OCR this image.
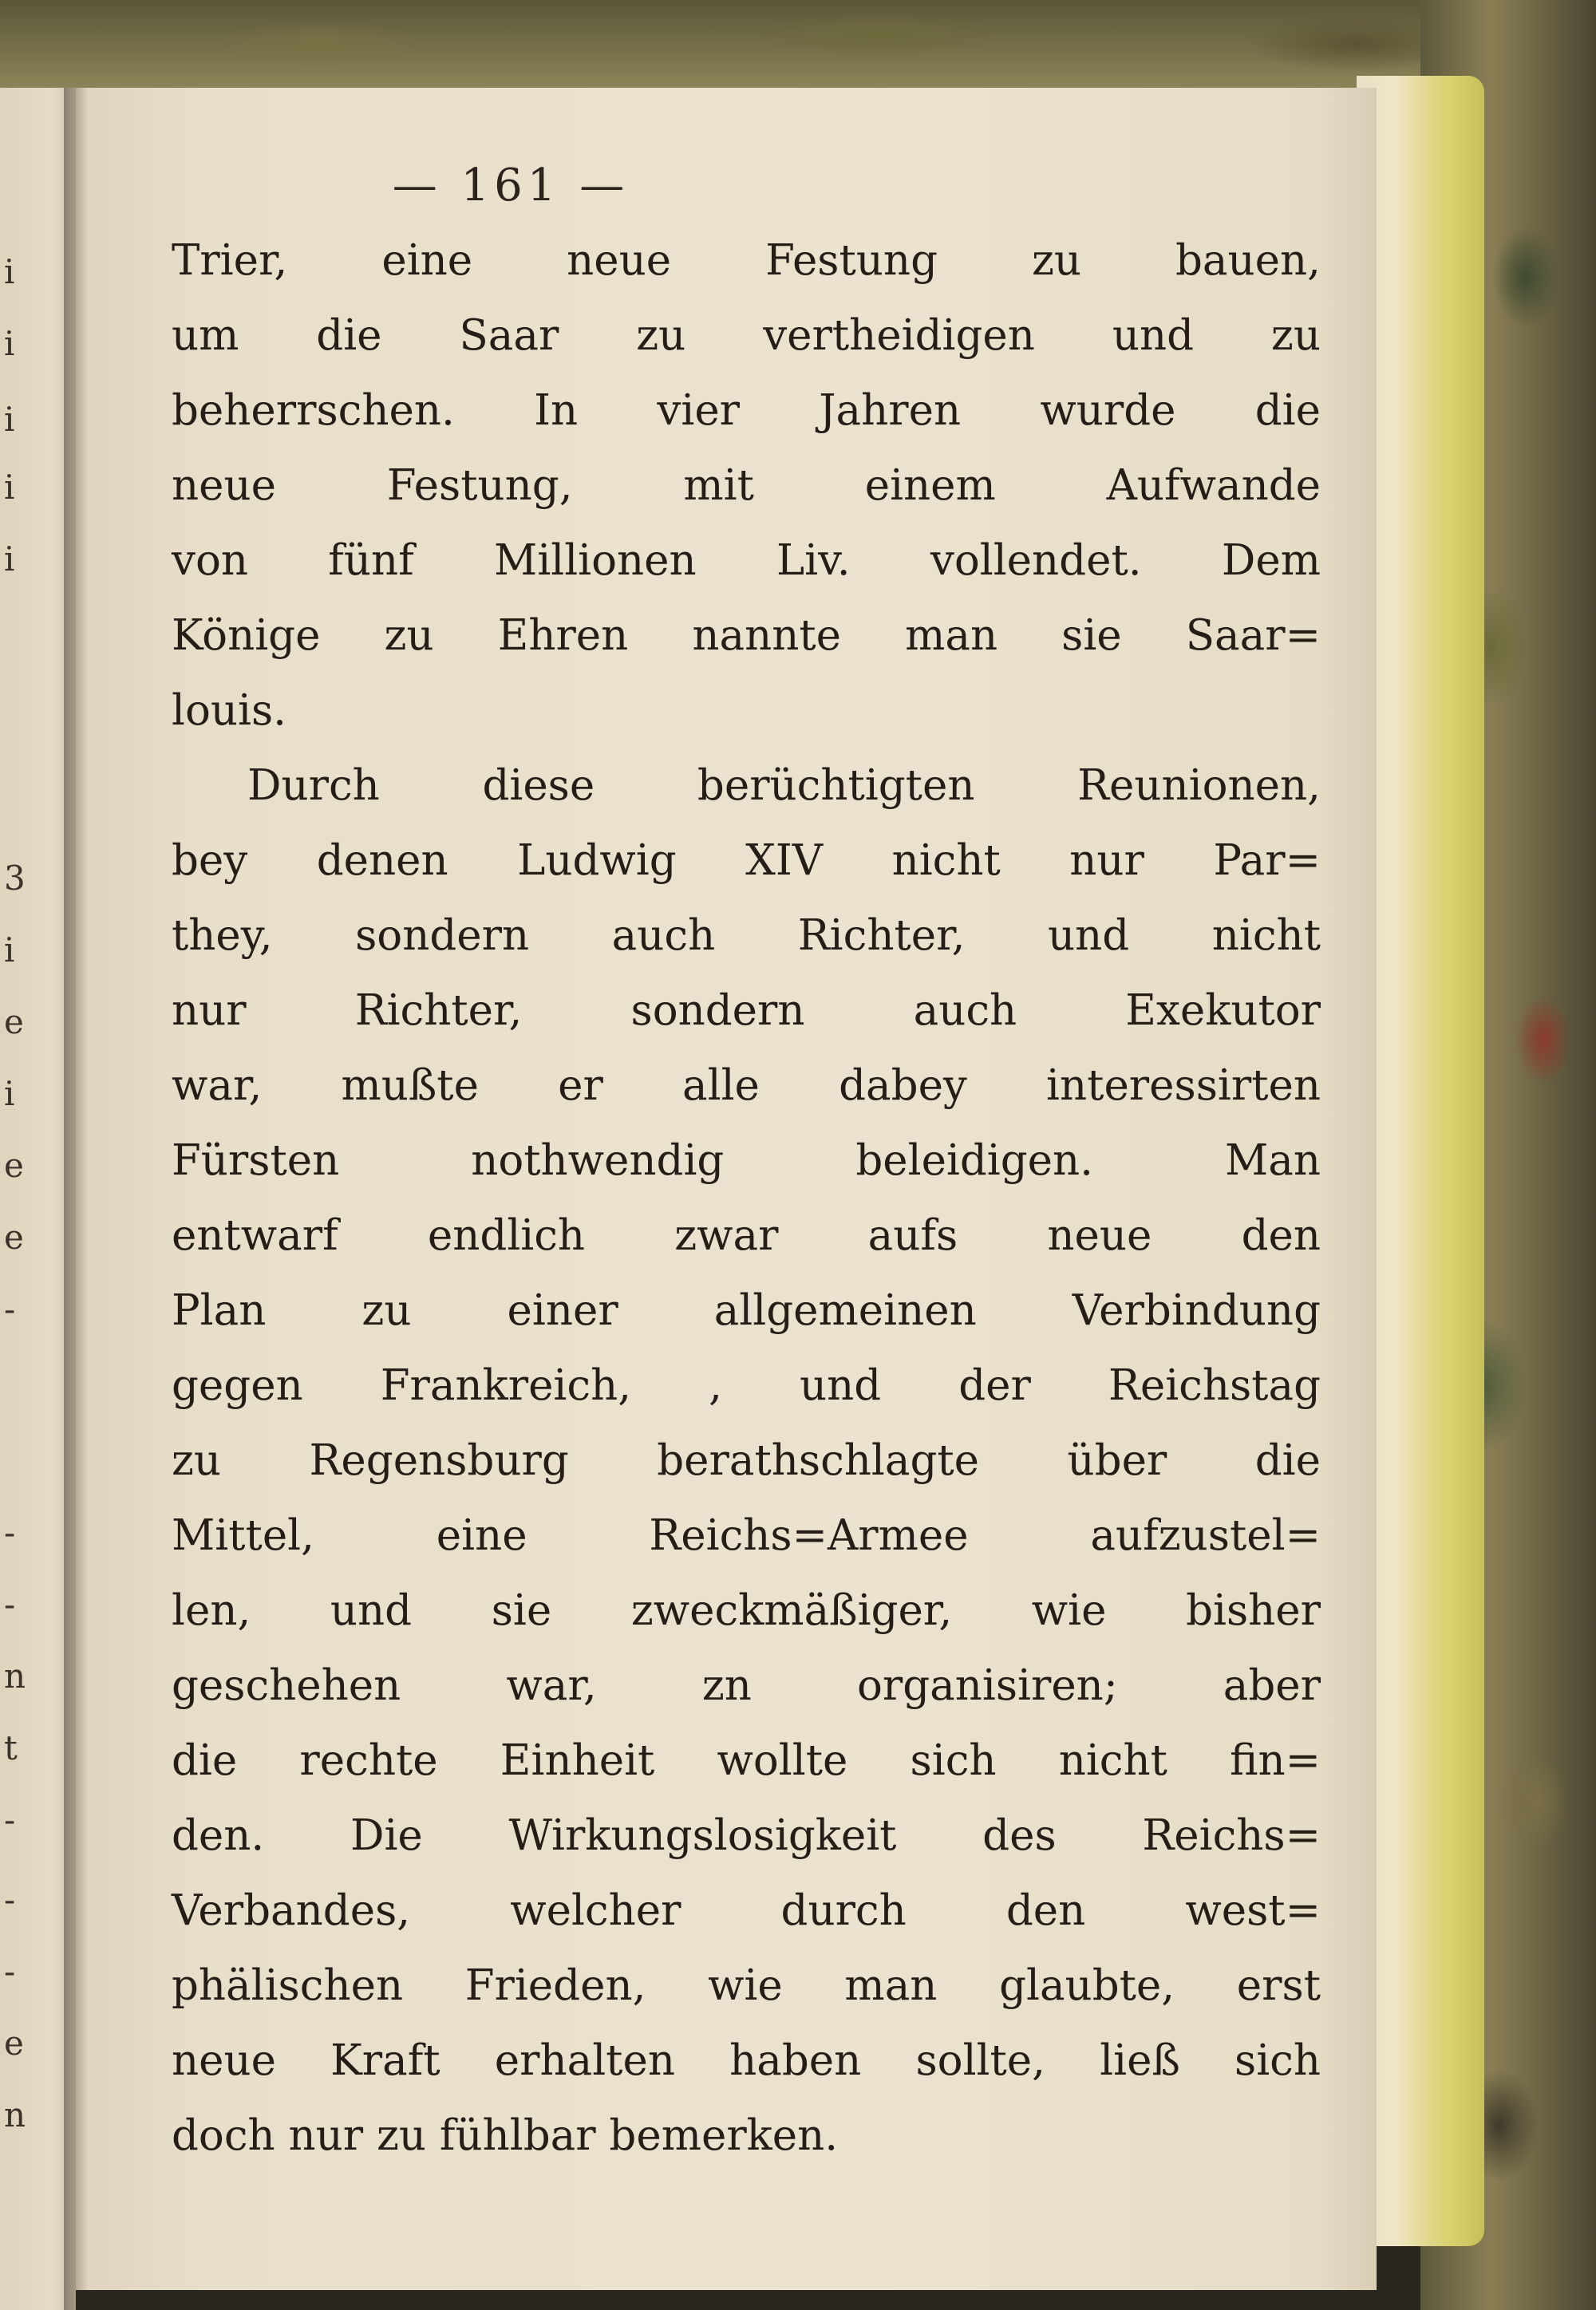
i
i
i
i
i
3
i
e
i
e
e
-
-
-
n
t
-
-
-
e
n
— 161 —
Trier, eine neue Festung zu bauen,
um die Saar zu vertheidigen und zu
beherrschen. In vier Jahren wurde die
neue Festung, mit einem Aufwande
von fünf Millionen Liv. vollendet. Dem
Könige zu Ehren nannte man sie Saar=
louis.
Durch diese berüchtigten Reunionen,
bey denen Ludwig XIV nicht nur Par=
they, sondern auch Richter, und nicht
nur Richter, sondern auch Exekutor
war, mußte er alle dabey interessirten
Fürsten nothwendig beleidigen. Man
entwarf endlich zwar aufs neue den
Plan zu einer allgemeinen Verbindung
gegen Frankreich, , und der Reichstag
zu Regensburg berathschlagte über die
Mittel, eine Reichs=Armee aufzustel=
len, und sie zweckmäßiger, wie bisher
geschehen war, zn organisiren; aber
die rechte Einheit wollte sich nicht fin=
den. Die Wirkungslosigkeit des Reichs=
Verbandes, welcher durch den west=
phälischen Frieden, wie man glaubte, erst
neue Kraft erhalten haben sollte, ließ sich
doch nur zu fühlbar bemerken.
